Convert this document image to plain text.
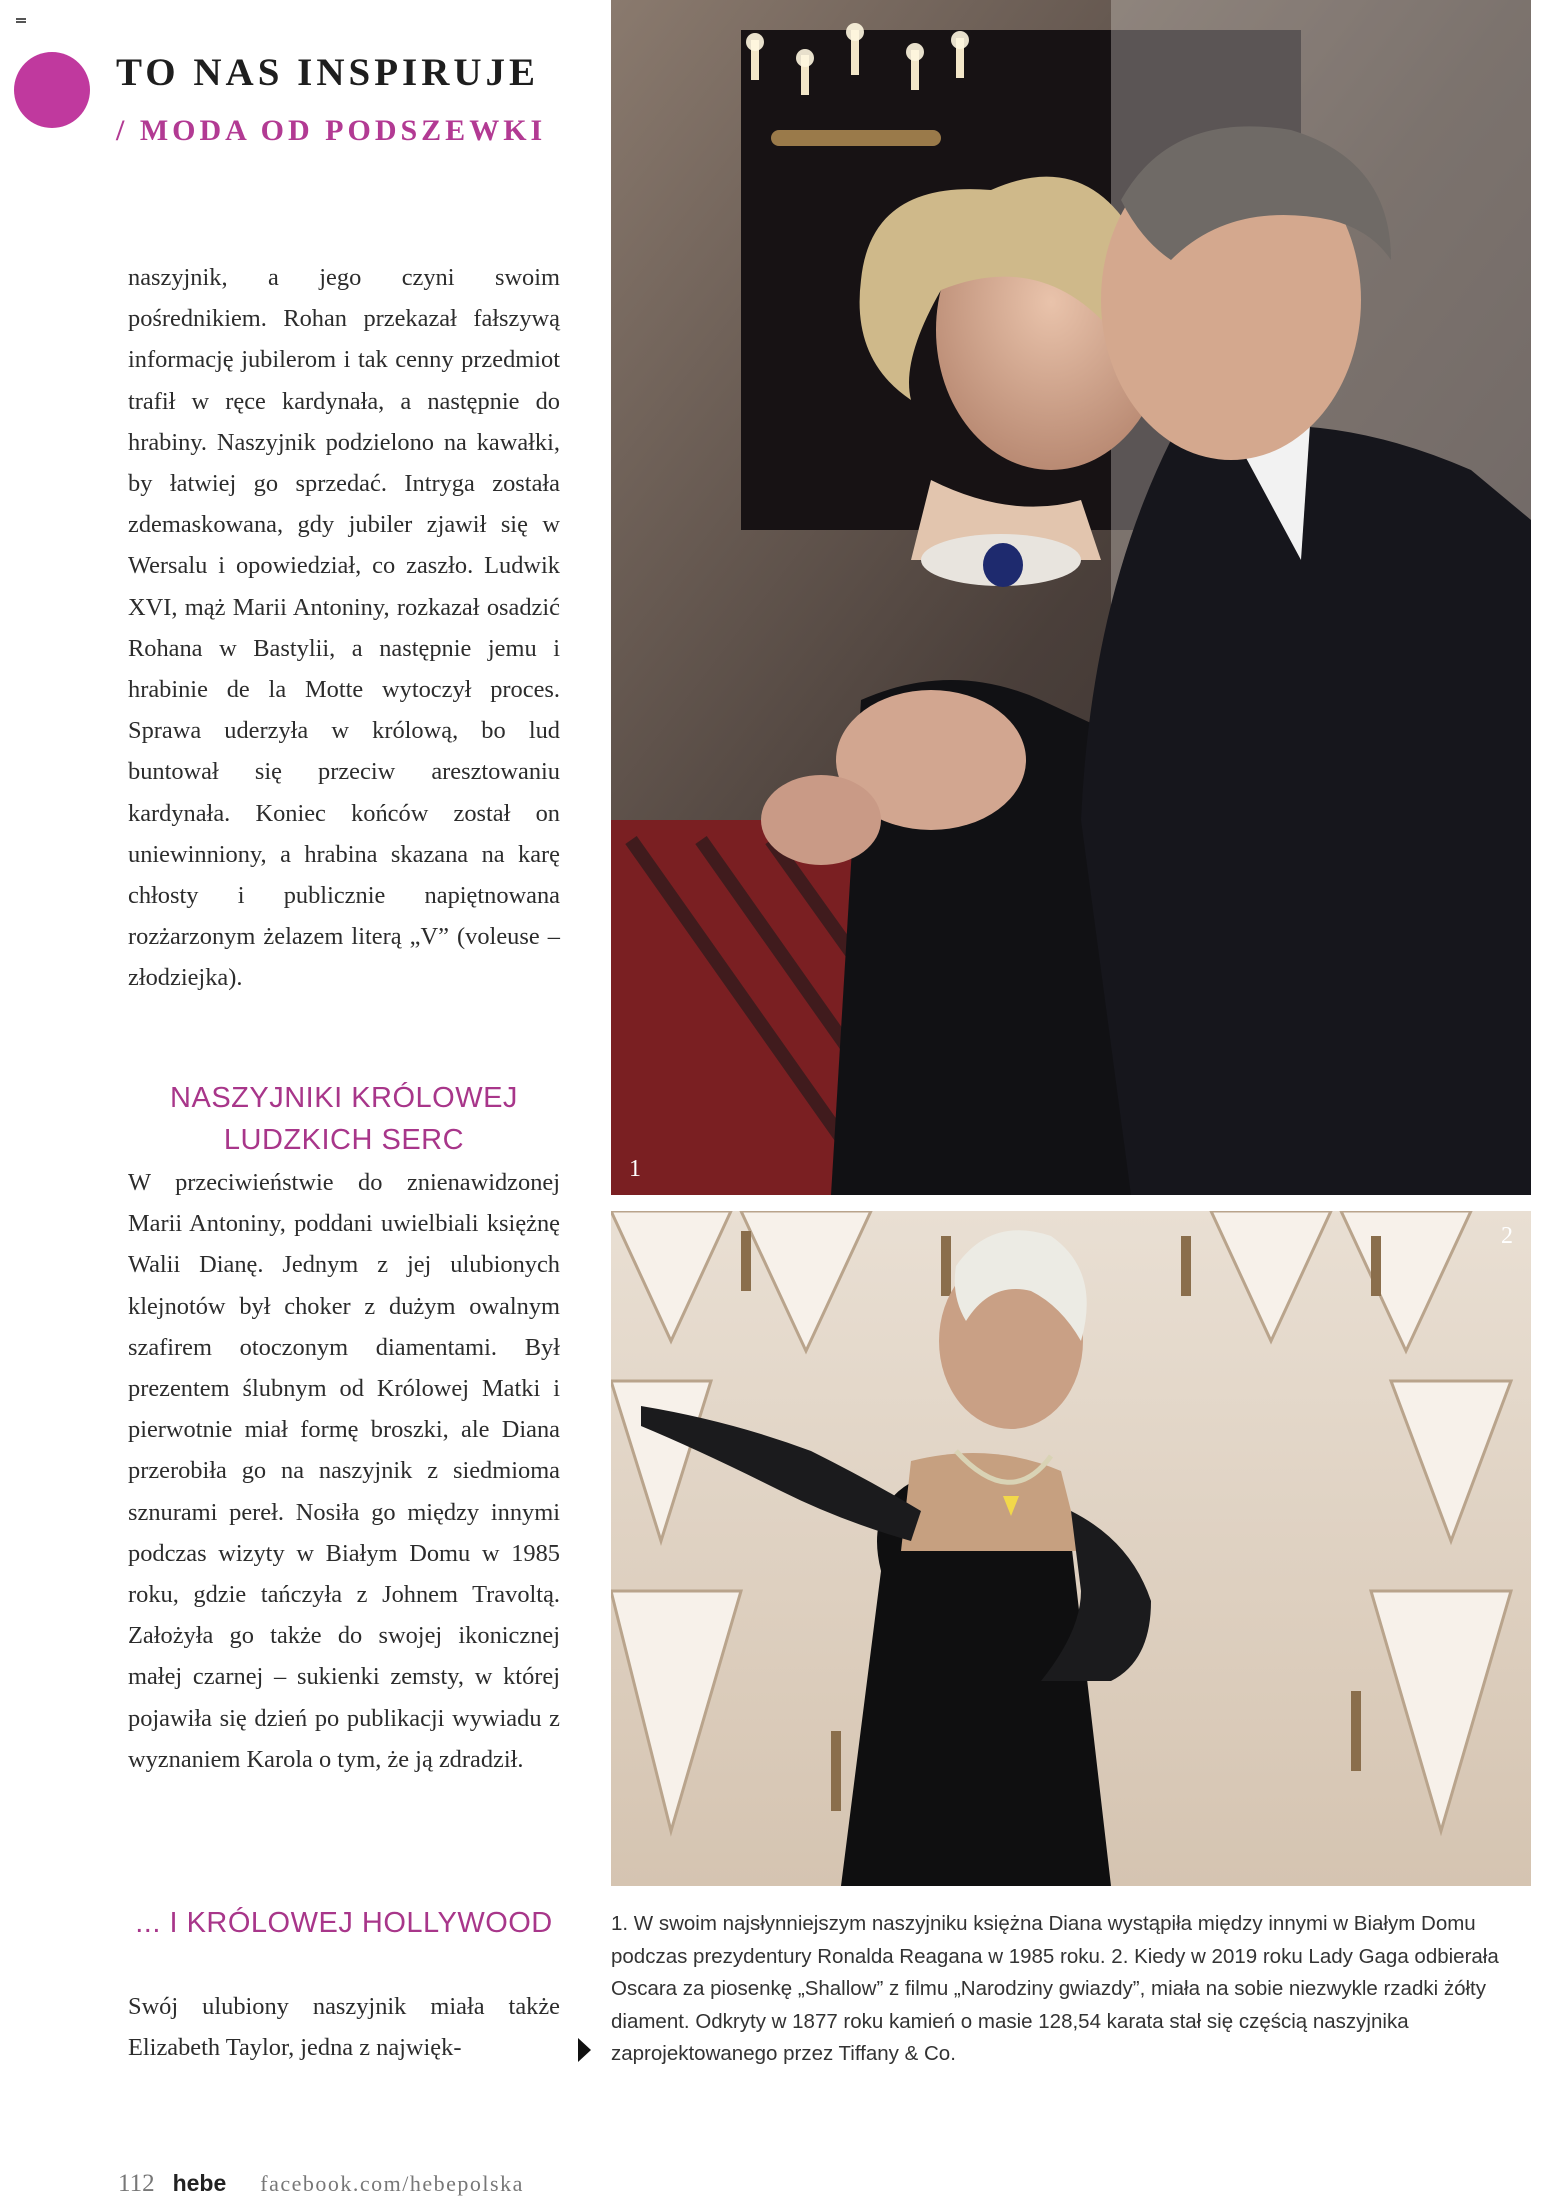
TO NAS INSPIRUJE
/ MODA OD PODSZEWKI
naszyjnik, a jego czyni swoim pośrednikiem. Rohan przekazał fałszywą informację jubilerom i tak cenny przedmiot trafił w ręce kardynała, a następnie do hrabiny. Naszyjnik podzielono na kawałki, by łatwiej go sprzedać. Intryga została zdemaskowana, gdy jubiler zjawił się w Wersalu i opowiedział, co zaszło. Ludwik XVI, mąż Marii Antoniny, rozkazał osadzić Rohana w Bastylii, a następnie jemu i hrabinie de la Motte wytoczył proces. Sprawa uderzyła w królową, bo lud buntował się przeciw aresztowaniu kardynała. Koniec końców został on uniewinniony, a hrabina skazana na karę chłosty i publicznie napiętnowana rozżarzonym żelazem literą „V” (voleuse – złodziejka).
NASZYJNIKI KRÓLOWEJ LUDZKICH SERC
W przeciwieństwie do znienawidzonej Marii Antoniny, poddani uwielbiali księżnę Walii Dianę. Jednym z jej ulubionych klejnotów był choker z dużym owalnym szafirem otoczonym diamentami. Był prezentem ślubnym od Królowej Matki i pierwotnie miał formę broszki, ale Diana przerobiła go na naszyjnik z siedmioma sznurami pereł. Nosiła go między innymi podczas wizyty w Białym Domu w 1985 roku, gdzie tańczyła z Johnem Travoltą. Założyła go także do swojej ikonicznej małej czarnej – sukienki zemsty, w której pojawiła się dzień po publikacji wywiadu z wyznaniem Karola o tym, że ją zdradził.
... I KRÓLOWEJ HOLLYWOOD
Swój ulubiony naszyjnik miała także Elizabeth Taylor, jedna z najwięk-
1
2
1. W swoim najsłynniejszym naszyjniku księżna Diana wystąpiła między innymi w Białym Domu podczas prezydentury Ronalda Reagana w 1985 roku. 2. Kiedy w 2019 roku Lady Gaga odbierała Oscara za piosenkę „Shallow” z filmu „Narodziny gwiazdy”, miała na sobie niezwykle rzadki żółty diament. Odkryty w 1877 roku kamień o masie 128,54 karata stał się częścią naszyjnika zaprojektowanego przez Tiffany & Co.
112 hebe facebook.com/hebepolska
